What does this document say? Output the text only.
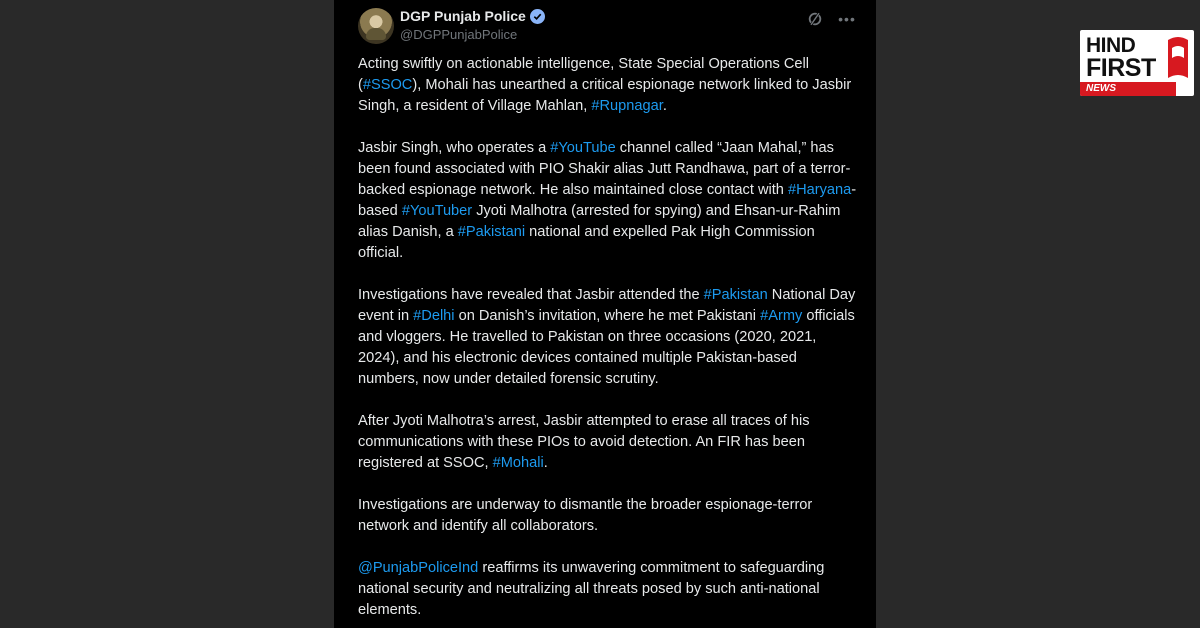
DGP Punjab Police
@DGPPunjabPolice
•••

Acting swiftly on actionable intelligence, State Special Operations Cell (#SSOC), Mohali has unearthed a critical espionage network linked to Jasbir Singh, a resident of Village Mahlan, #Rupnagar.

Jasbir Singh, who operates a #YouTube channel called “Jaan Mahal,” has been found associated with PIO Shakir alias Jutt Randhawa, part of a terror-backed espionage network. He also maintained close contact with #Haryana-based #YouTuber Jyoti Malhotra (arrested for spying) and Ehsan-ur-Rahim alias Danish, a #Pakistani national and expelled Pak High Commission official.

Investigations have revealed that Jasbir attended the #Pakistan National Day event in #Delhi on Danish’s invitation, where he met Pakistani #Army officials and vloggers. He travelled to Pakistan on three occasions (2020, 2021, 2024), and his electronic devices contained multiple Pakistan-based numbers, now under detailed forensic scrutiny.

After Jyoti Malhotra’s arrest, Jasbir attempted to erase all traces of his communications with these PIOs to avoid detection. An FIR has been registered at SSOC, #Mohali.

Investigations are underway to dismantle the broader espionage-terror network and identify all collaborators.

@PunjabPoliceInd reaffirms its unwavering commitment to safeguarding national security and neutralizing all threats posed by such anti-national elements.

HIND
FIRST
NEWS
